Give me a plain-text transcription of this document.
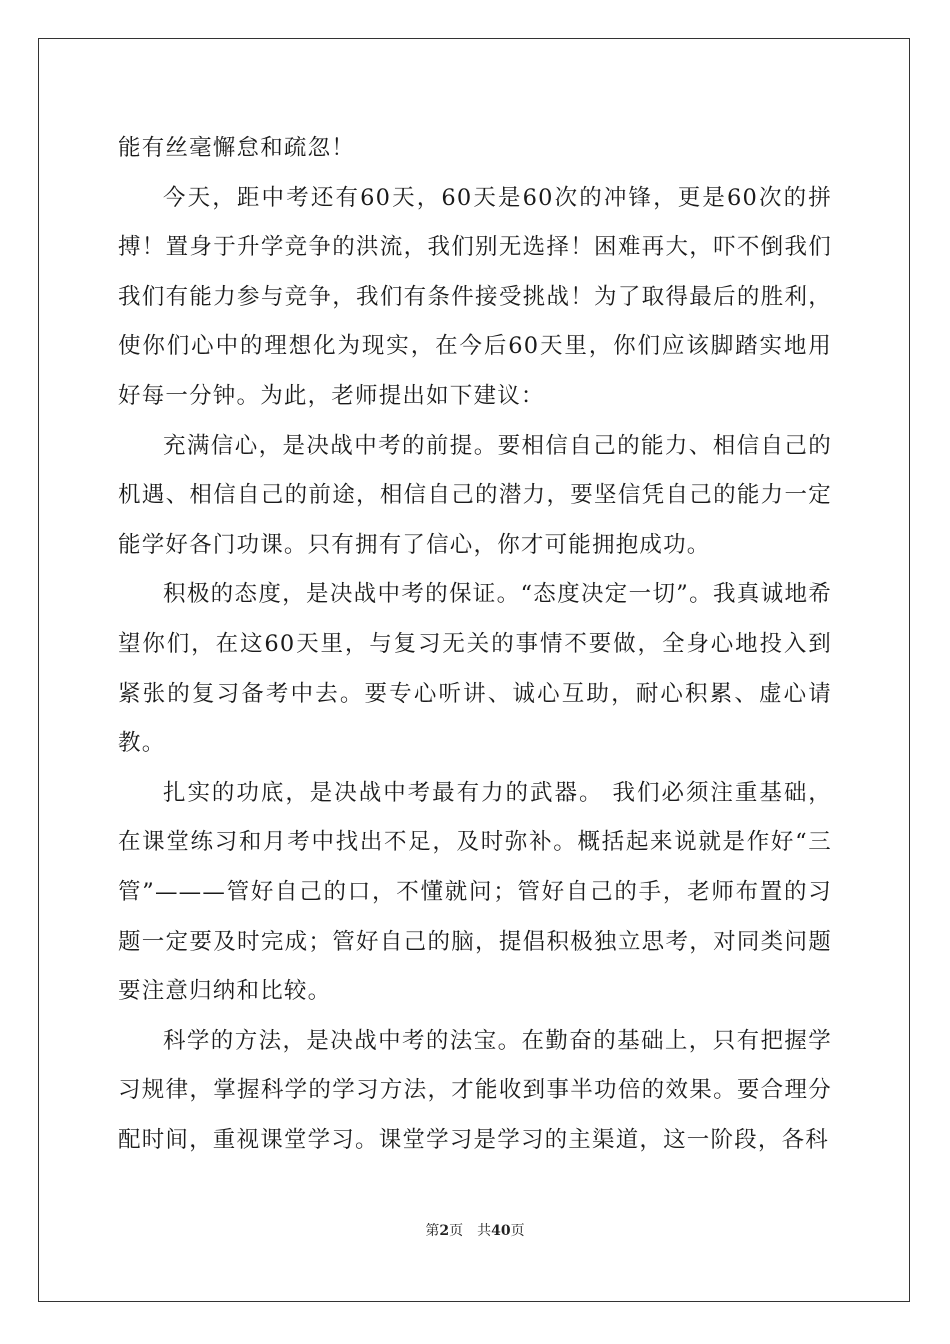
能有丝毫懈怠和疏忽！

今天，距中考还有60天，60天是60次的冲锋，更是60次的拼搏！置身于升学竞争的洪流，我们别无选择！困难再大，吓不倒我们我们有能力参与竞争，我们有条件接受挑战！为了取得最后的胜利，使你们心中的理想化为现实，在今后60天里，你们应该脚踏实地用好每一分钟。为此，老师提出如下建议：

充满信心，是决战中考的前提。要相信自己的能力、相信自己的机遇、相信自己的前途，相信自己的潜力，要坚信凭自己的能力一定能学好各门功课。只有拥有了信心，你才可能拥抱成功。

积极的态度，是决战中考的保证。“态度决定一切”。我真诚地希望你们，在这60天里，与复习无关的事情不要做，全身心地投入到紧张的复习备考中去。要专心听讲、诚心互助，耐心积累、虚心请教。

扎实的功底，是决战中考最有力的武器。 我们必须注重基础，在课堂练习和月考中找出不足，及时弥补。概括起来说就是作好“三管”———管好自己的口，不懂就问；管好自己的手，老师布置的习题一定要及时完成；管好自己的脑，提倡积极独立思考，对同类问题要注意归纳和比较。

科学的方法，是决战中考的法宝。在勤奋的基础上，只有把握学习规律，掌握科学的学习方法，才能收到事半功倍的效果。要合理分配时间，重视课堂学习。课堂学习是学习的主渠道，这一阶段，各科

第2页 共40页
